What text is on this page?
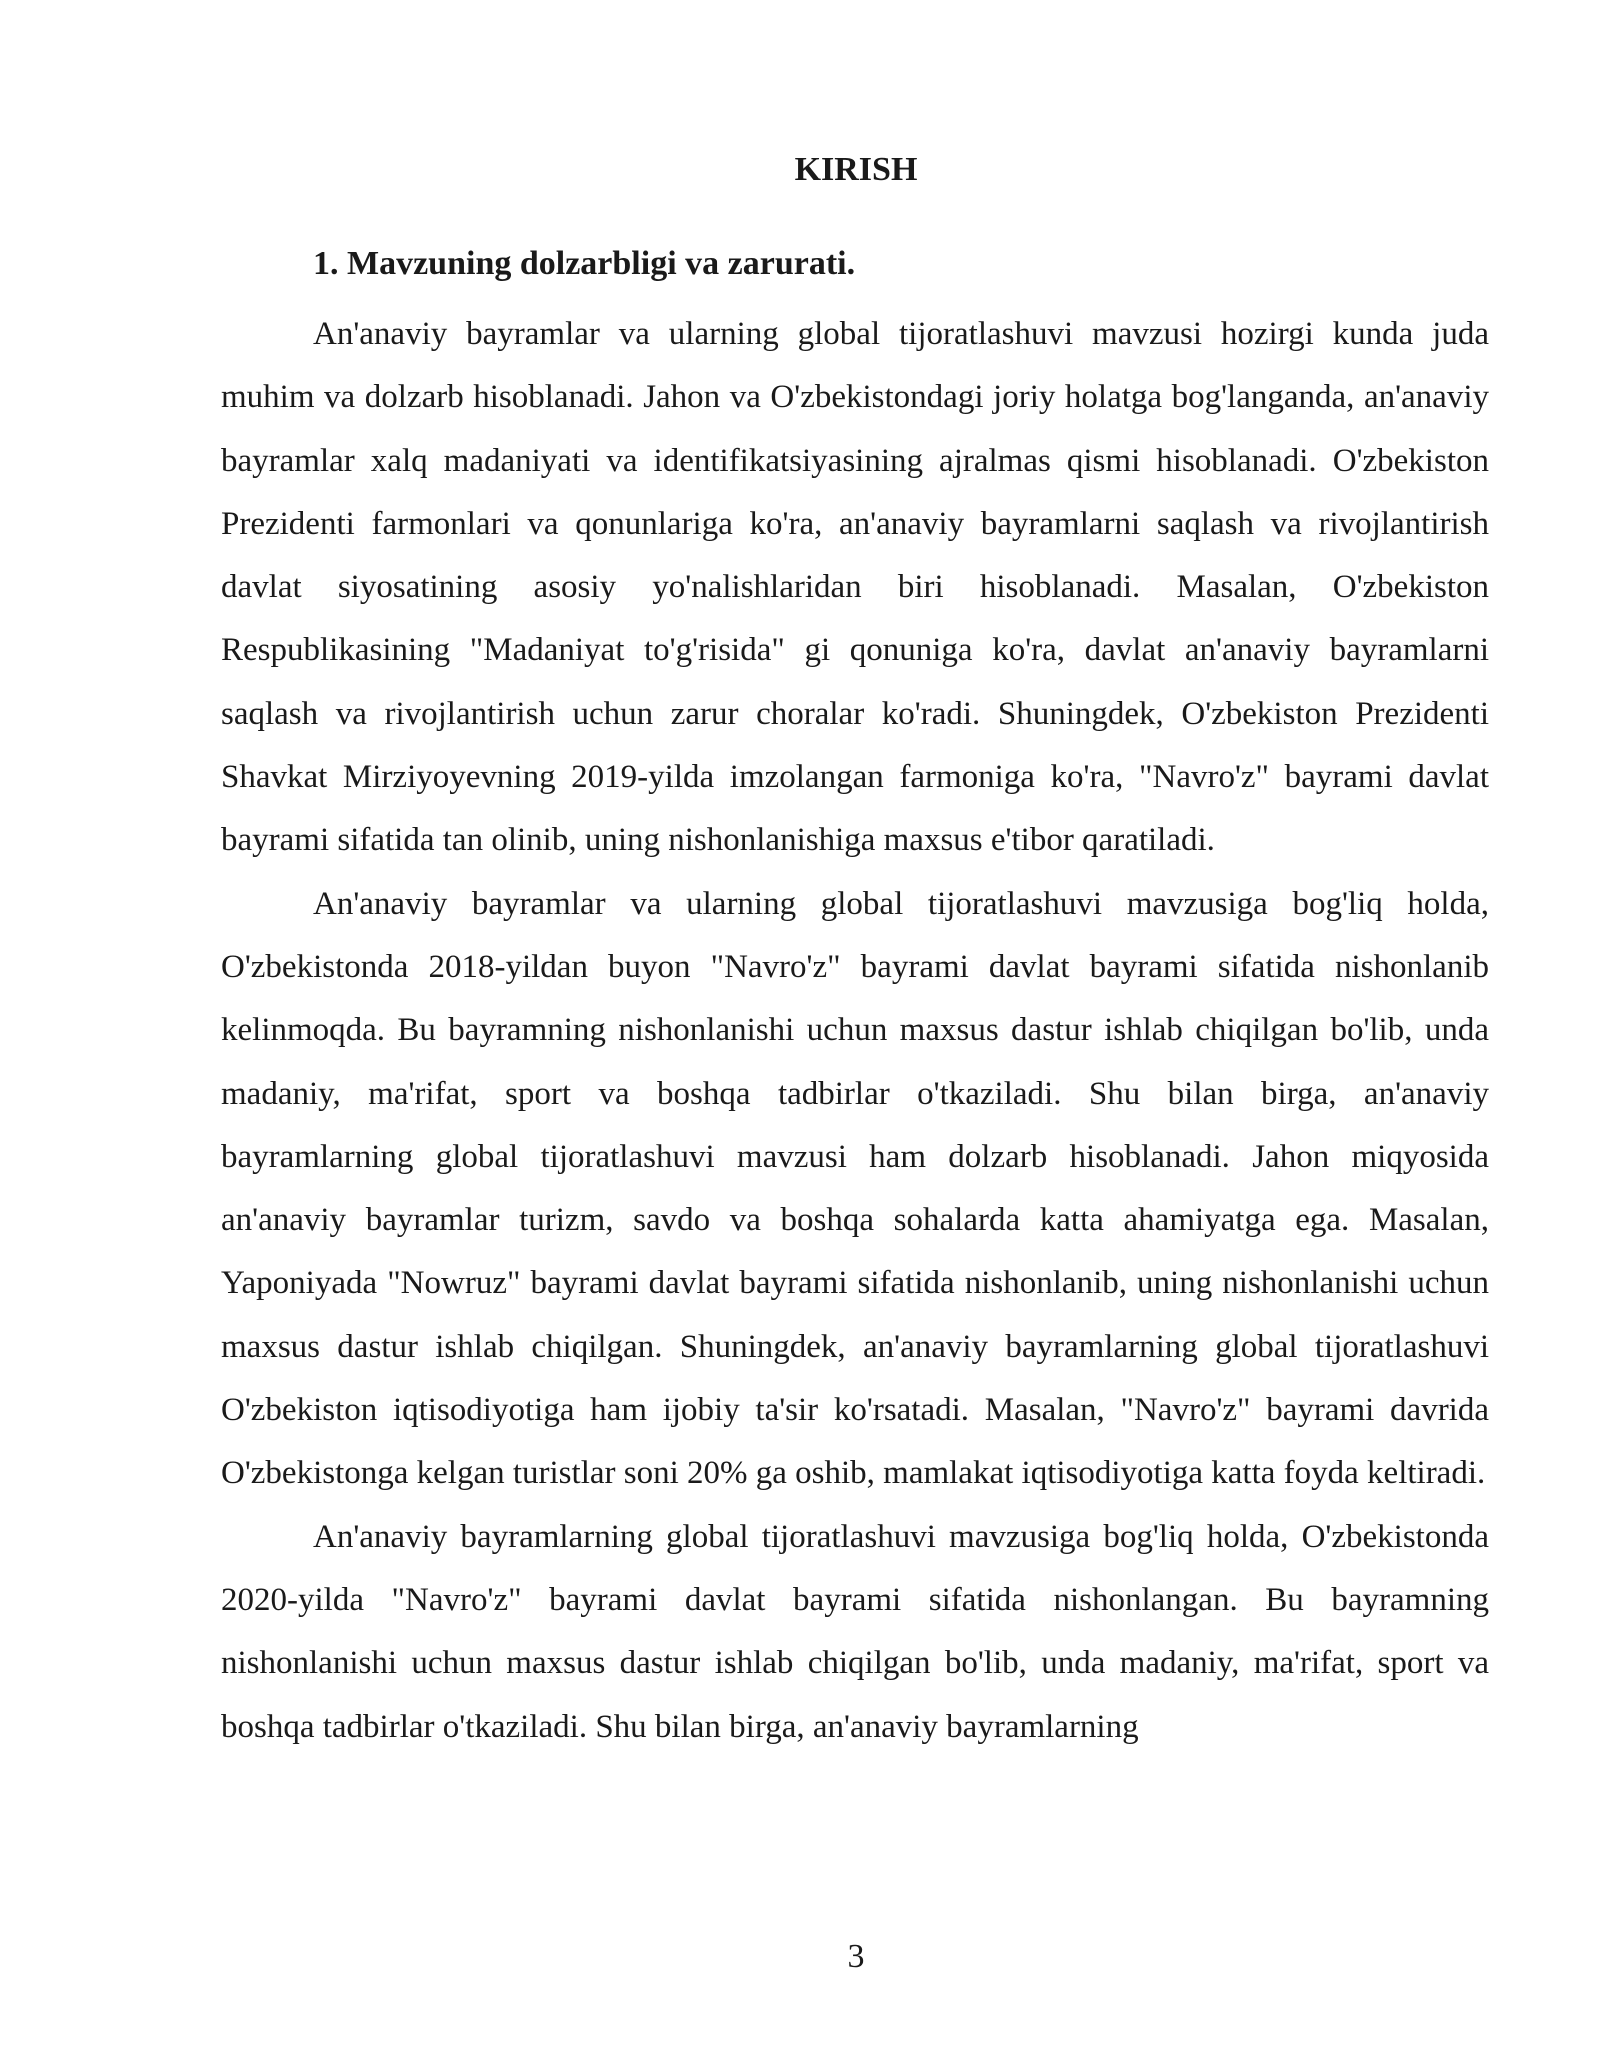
KIRISH
1. Mavzuning dolzarbligi va zarurati.

An'anaviy bayramlar va ularning global tijoratlashuvi mavzusi hozirgi kunda juda muhim va dolzarb hisoblanadi. Jahon va O'zbekistondagi joriy holatga bog'langanda, an'anaviy bayramlar xalq madaniyati va identifikatsiyasining ajralmas qismi hisoblanadi. O'zbekiston Prezidenti farmonlari va qonunlariga ko'ra, an'anaviy bayramlarni saqlash va rivojlantirish davlat siyosatining asosiy yo'nalishlaridan biri hisoblanadi. Masalan, O'zbekiston Respublikasining "Madaniyat to'g'risida" gi qonuniga ko'ra, davlat an'anaviy bayramlarni saqlash va rivojlantirish uchun zarur choralar ko'radi. Shuningdek, O'zbekiston Prezidenti Shavkat Mirziyoyevning 2019-yilda imzolangan farmoniga ko'ra, "Navro'z" bayrami davlat bayrami sifatida tan olinib, uning nishonlanishiga maxsus e'tibor qaratiladi.

An'anaviy bayramlar va ularning global tijoratlashuvi mavzusiga bog'liq holda, O'zbekistonda 2018-yildan buyon "Navro'z" bayrami davlat bayrami sifatida nishonlanib kelinmoqda. Bu bayramning nishonlanishi uchun maxsus dastur ishlab chiqilgan bo'lib, unda madaniy, ma'rifat, sport va boshqa tadbirlar o'tkaziladi. Shu bilan birga, an'anaviy bayramlarning global tijoratlashuvi mavzusi ham dolzarb hisoblanadi. Jahon miqyosida an'anaviy bayramlar turizm, savdo va boshqa sohalarda katta ahamiyatga ega. Masalan, Yaponiyada "Nowruz" bayrami davlat bayrami sifatida nishonlanib, uning nishonlanishi uchun maxsus dastur ishlab chiqilgan. Shuningdek, an'anaviy bayramlarning global tijoratlashuvi O'zbekiston iqtisodiyotiga ham ijobiy ta'sir ko'rsatadi. Masalan, "Navro'z" bayrami davrida O'zbekistonga kelgan turistlar soni 20% ga oshib, mamlakat iqtisodiyotiga katta foyda keltiradi.

An'anaviy bayramlarning global tijoratlashuvi mavzusiga bog'liq holda, O'zbekistonda 2020-yilda "Navro'z" bayrami davlat bayrami sifatida nishonlangan. Bu bayramning nishonlanishi uchun maxsus dastur ishlab chiqilgan bo'lib, unda madaniy, ma'rifat, sport va boshqa tadbirlar o'tkaziladi. Shu bilan birga, an'anaviy bayramlarning

3
